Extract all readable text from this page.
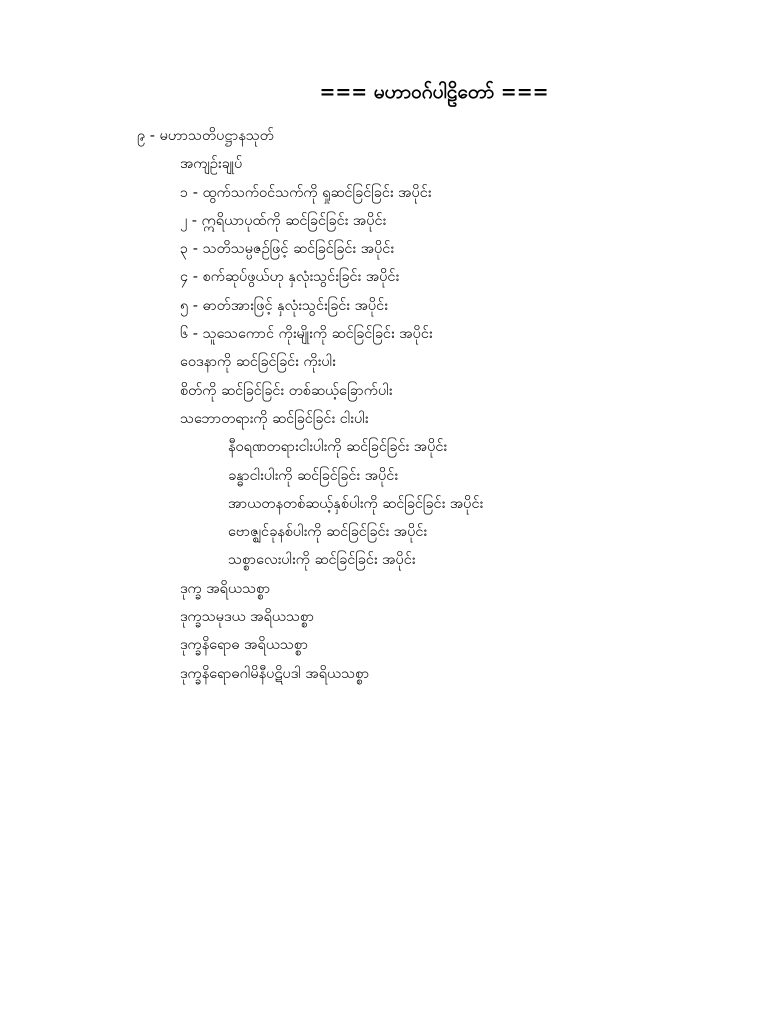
=== မဟာဝဂ်ပါဠိတော် ===
၉ - မဟာသတိပဋ္ဌာနသုတ်
အကျဉ်းချုပ်
၁ - ထွက်သက်ဝင်သက်ကို ရှုဆင်ခြင်ခြင်း အပိုင်း
၂ - ဣရိယာပုထ်ကို ဆင်ခြင်ခြင်း အပိုင်း
၃ - သတိသမ္ပဇဉ်ဖြင့် ဆင်ခြင်ခြင်း အပိုင်း
၄ - စက်ဆုပ်ဖွယ်ဟု နှလုံးသွင်းခြင်း အပိုင်း
၅ - ဓာတ်အားဖြင့် နှလုံးသွင်းခြင်း အပိုင်း
၆ - သူသေကောင် ကိုးမျိုးကို ဆင်ခြင်ခြင်း အပိုင်း
ဝေဒနာကို ဆင်ခြင်ခြင်း ကိုးပါး
စိတ်ကို ဆင်ခြင်ခြင်း တစ်ဆယ့်ခြောက်ပါး
သဘောတရားကို ဆင်ခြင်ခြင်း ငါးပါး
နီဝရဏတရားငါးပါးကို ဆင်ခြင်ခြင်း အပိုင်း
ခန္ဓာငါးပါးကို ဆင်ခြင်ခြင်း အပိုင်း
အာယတနတစ်ဆယ့်နှစ်ပါးကို ဆင်ခြင်ခြင်း အပိုင်း
ဗောဇ္ဈင်ခုနစ်ပါးကို ဆင်ခြင်ခြင်း အပိုင်း
သစ္စာလေးပါးကို ဆင်ခြင်ခြင်း အပိုင်း
ဒုက္ခ အရိယသစ္စာ
ဒုက္ခသမုဒယ အရိယသစ္စာ
ဒုက္ခနိရောဓ အရိယသစ္စာ
ဒုက္ခနိရောဓဂါမိနီပဋိပဒါ အရိယသစ္စာ
